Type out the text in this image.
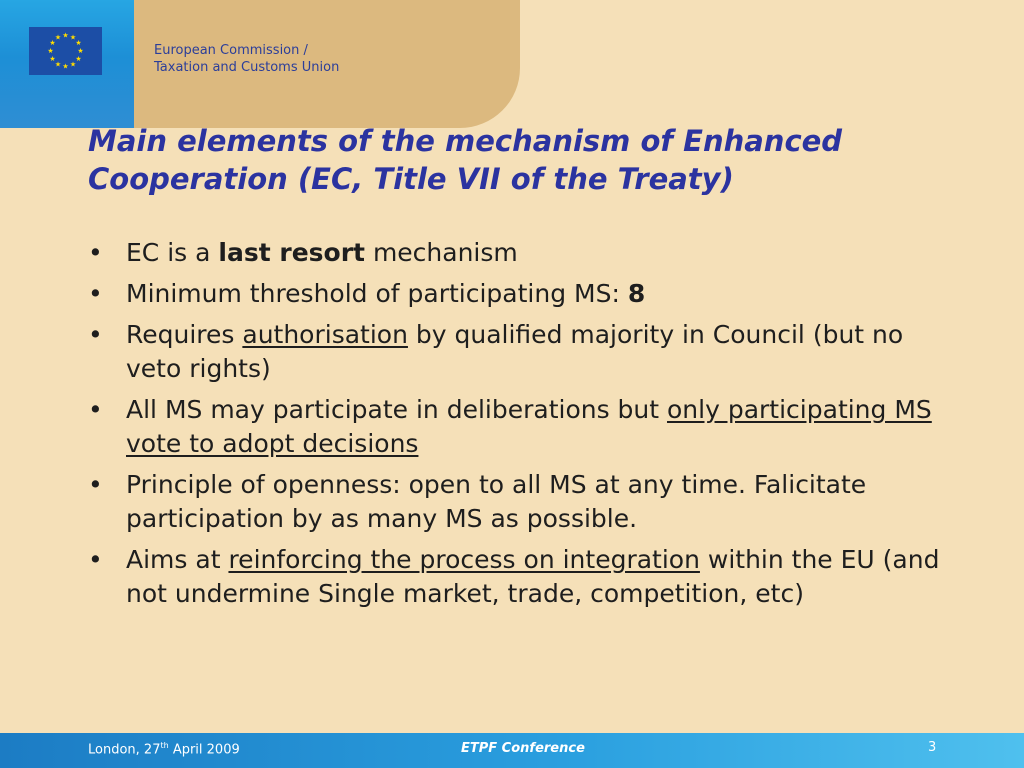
★ ★
★
★
★
★
★
★
★
★
★
★
European Commission /
Taxation and Customs Union
Main elements of the mechanism of Enhanced
Cooperation (EC, Title VII of the Treaty)
• EC is a last resort mechanism
• Minimum threshold of participating MS: 8
• Requires authorisation by qualified majority in Council (but no veto rights)
• All MS may participate in deliberations but only participating MS vote to adopt decisions
• Principle of openness: open to all MS at any time. Falicitate participation by as many MS as possible.
• Aims at reinforcing the process on integration within the EU (and not undermine Single market, trade, competition, etc)
London, 27th April 2009	ETPF Conference	3
